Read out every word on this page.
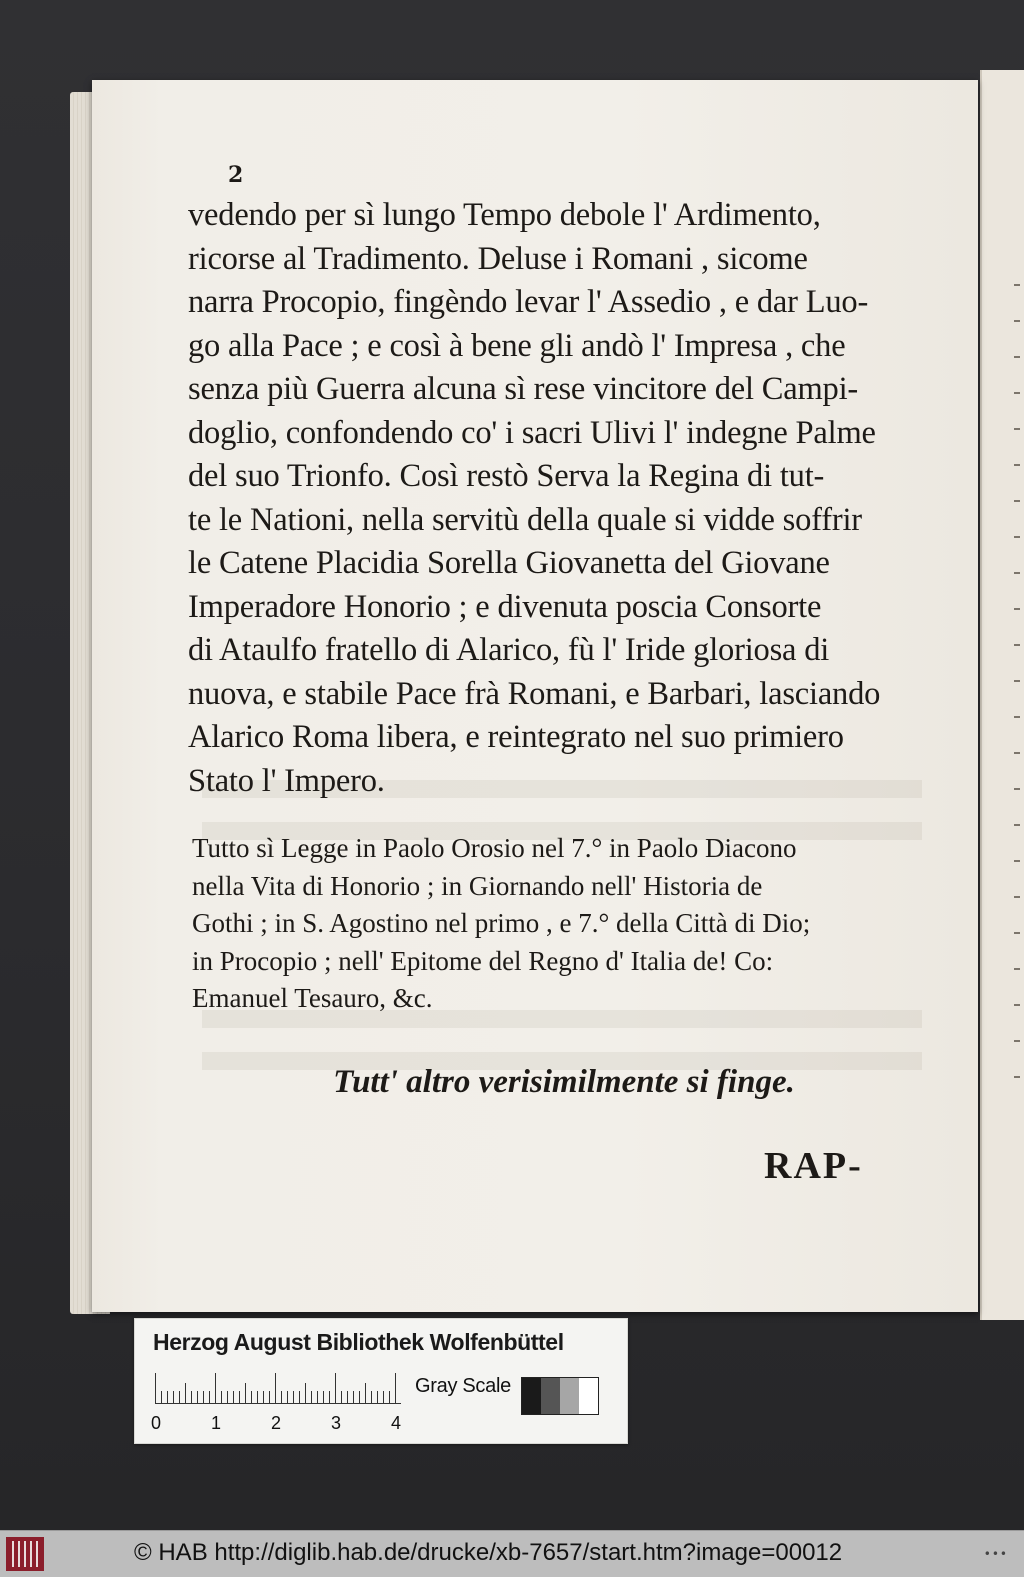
2
vedendo per sì lungo Tempo debole l' Ardimento,
ricorse al Tradimento. Deluse i Romani , sicome
narra Procopio, fingèndo levar l' Assedio , e dar Luo-
go alla Pace ; e così à bene gli andò l' Impresa , che
senza più Guerra alcuna sì rese vincitore del Campi-
doglio, confondendo co' i sacri Ulivi l' indegne Palme
del suo Trionfo. Così restò Serva la Regina di tut-
te le Nationi, nella servitù della quale si vidde soffrir
le Catene Placidia Sorella Giovanetta del Giovane
Imperadore Honorio ; e divenuta poscia Consorte
di Ataulfo fratello di Alarico, fù l' Iride gloriosa di
nuova, e stabile Pace frà Romani, e Barbari, lasciando
Alarico Roma libera, e reintegrato nel suo primiero
Stato l' Impero.
Tutto sì Legge in Paolo Orosio nel 7.° in Paolo Diacono
nella Vita di Honorio ; in Giornando nell' Historia de
Gothi ; in S. Agostino nel primo , e 7.° della Città di Dio;
in Procopio ; nell' Epitome del Regno d' Italia de! Co:
Emanuel Tesauro, &c.
Tutt' altro verisimilmente si finge.
RAP-
Herzog August Bibliothek Wolfenbüttel
0	1	2	3	4
Gray Scale
© HAB http://diglib.hab.de/drucke/xb-7657/start.htm?image=00012	•••
